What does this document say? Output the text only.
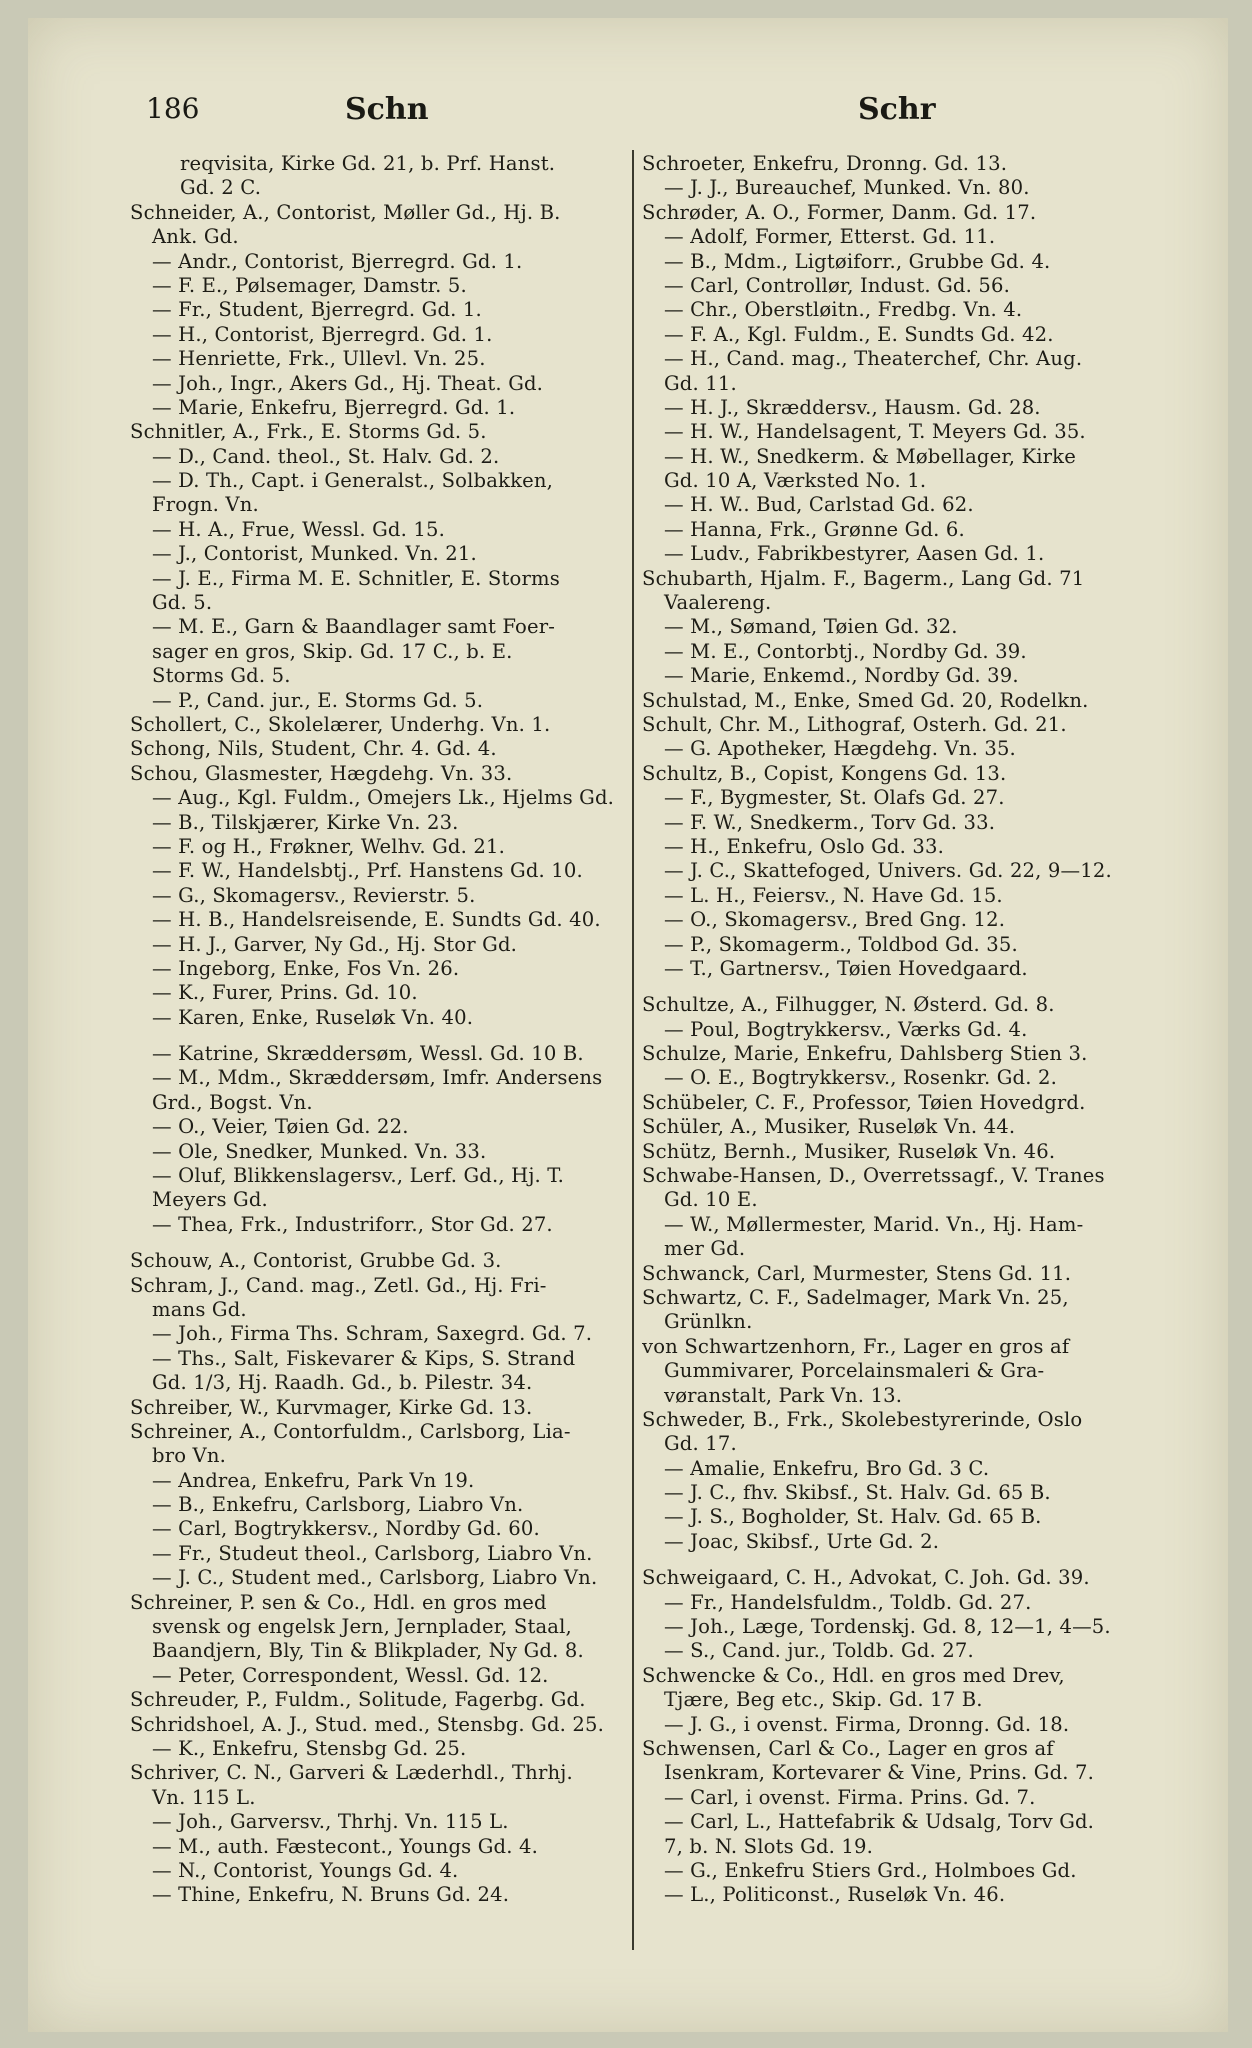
186	Schn	Schr
reqvisita, Kirke Gd. 21, b. Prf. Hanst.
Gd. 2 C.
Schneider, A., Contorist, Møller Gd., Hj. B.
Ank. Gd.
— Andr., Contorist, Bjerregrd. Gd. 1.
— F. E., Pølsemager, Damstr. 5.
— Fr., Student, Bjerregrd. Gd. 1.
— H., Contorist, Bjerregrd. Gd. 1.
— Henriette, Frk., Ullevl. Vn. 25.
— Joh., Ingr., Akers Gd., Hj. Theat. Gd.
— Marie, Enkefru, Bjerregrd. Gd. 1.
Schnitler, A., Frk., E. Storms Gd. 5.
— D., Cand. theol., St. Halv. Gd. 2.
— D. Th., Capt. i Generalst., Solbakken,
Frogn. Vn.
— H. A., Frue, Wessl. Gd. 15.
— J., Contorist, Munked. Vn. 21.
— J. E., Firma M. E. Schnitler, E. Storms
Gd. 5.
— M. E., Garn & Baandlager samt Foer-
sager en gros, Skip. Gd. 17 C., b. E.
Storms Gd. 5.
— P., Cand. jur., E. Storms Gd. 5.
Schollert, C., Skolelærer, Underhg. Vn. 1.
Schong, Nils, Student, Chr. 4. Gd. 4.
Schou, Glasmester, Hægdehg. Vn. 33.
— Aug., Kgl. Fuldm., Omejers Lk., Hjelms Gd.
— B., Tilskjærer, Kirke Vn. 23.
— F. og H., Frøkner, Welhv. Gd. 21.
— F. W., Handelsbtj., Prf. Hanstens Gd. 10.
— G., Skomagersv., Revierstr. 5.
— H. B., Handelsreisende, E. Sundts Gd. 40.
— H. J., Garver, Ny Gd., Hj. Stor Gd.
— Ingeborg, Enke, Fos Vn. 26.
— K., Furer, Prins. Gd. 10.
— Karen, Enke, Ruseløk Vn. 40.
— Katrine, Skræddersøm, Wessl. Gd. 10 B.
— M., Mdm., Skræddersøm, Imfr. Andersens
Grd., Bogst. Vn.
— O., Veier, Tøien Gd. 22.
— Ole, Snedker, Munked. Vn. 33.
— Oluf, Blikkenslagersv., Lerf. Gd., Hj. T.
Meyers Gd.
— Thea, Frk., Industriforr., Stor Gd. 27.
Schouw, A., Contorist, Grubbe Gd. 3.
Schram, J., Cand. mag., Zetl. Gd., Hj. Fri-
mans Gd.
— Joh., Firma Ths. Schram, Saxegrd. Gd. 7.
— Ths., Salt, Fiskevarer & Kips, S. Strand
Gd. 1/3, Hj. Raadh. Gd., b. Pilestr. 34.
Schreiber, W., Kurvmager, Kirke Gd. 13.
Schreiner, A., Contorfuldm., Carlsborg, Lia-
bro Vn.
— Andrea, Enkefru, Park Vn 19.
— B., Enkefru, Carlsborg, Liabro Vn.
— Carl, Bogtrykkersv., Nordby Gd. 60.
— Fr., Studeut theol., Carlsborg, Liabro Vn.
— J. C., Student med., Carlsborg, Liabro Vn.
Schreiner, P. sen & Co., Hdl. en gros med
svensk og engelsk Jern, Jernplader, Staal,
Baandjern, Bly, Tin & Blikplader, Ny Gd. 8.
— Peter, Correspondent, Wessl. Gd. 12.
Schreuder, P., Fuldm., Solitude, Fagerbg. Gd.
Schridshoel, A. J., Stud. med., Stensbg. Gd. 25.
— K., Enkefru, Stensbg Gd. 25.
Schriver, C. N., Garveri & Læderhdl., Thrhj.
Vn. 115 L.
— Joh., Garversv., Thrhj. Vn. 115 L.
— M., auth. Fæstecont., Youngs Gd. 4.
— N., Contorist, Youngs Gd. 4.
— Thine, Enkefru, N. Bruns Gd. 24.
Schroeter, Enkefru, Dronng. Gd. 13.
— J. J., Bureauchef, Munked. Vn. 80.
Schrøder, A. O., Former, Danm. Gd. 17.
— Adolf, Former, Etterst. Gd. 11.
— B., Mdm., Ligtøiforr., Grubbe Gd. 4.
— Carl, Controllør, Indust. Gd. 56.
— Chr., Oberstløitn., Fredbg. Vn. 4.
— F. A., Kgl. Fuldm., E. Sundts Gd. 42.
— H., Cand. mag., Theaterchef, Chr. Aug.
Gd. 11.
— H. J., Skræddersv., Hausm. Gd. 28.
— H. W., Handelsagent, T. Meyers Gd. 35.
— H. W., Snedkerm. & Møbellager, Kirke
Gd. 10 A, Værksted No. 1.
— H. W.. Bud, Carlstad Gd. 62.
— Hanna, Frk., Grønne Gd. 6.
— Ludv., Fabrikbestyrer, Aasen Gd. 1.
Schubarth, Hjalm. F., Bagerm., Lang Gd. 71
Vaalereng.
— M., Sømand, Tøien Gd. 32.
— M. E., Contorbtj., Nordby Gd. 39.
— Marie, Enkemd., Nordby Gd. 39.
Schulstad, M., Enke, Smed Gd. 20, Rodelkn.
Schult, Chr. M., Lithograf, Osterh. Gd. 21.
— G. Apotheker, Hægdehg. Vn. 35.
Schultz, B., Copist, Kongens Gd. 13.
— F., Bygmester, St. Olafs Gd. 27.
— F. W., Snedkerm., Torv Gd. 33.
— H., Enkefru, Oslo Gd. 33.
— J. C., Skattefoged, Univers. Gd. 22, 9—12.
— L. H., Feiersv., N. Have Gd. 15.
— O., Skomagersv., Bred Gng. 12.
— P., Skomagerm., Toldbod Gd. 35.
— T., Gartnersv., Tøien Hovedgaard.
Schultze, A., Filhugger, N. Østerd. Gd. 8.
— Poul, Bogtrykkersv., Værks Gd. 4.
Schulze, Marie, Enkefru, Dahlsberg Stien 3.
— O. E., Bogtrykkersv., Rosenkr. Gd. 2.
Schübeler, C. F., Professor, Tøien Hovedgrd.
Schüler, A., Musiker, Ruseløk Vn. 44.
Schütz, Bernh., Musiker, Ruseløk Vn. 46.
Schwabe-Hansen, D., Overretssagf., V. Tranes
Gd. 10 E.
— W., Møllermester, Marid. Vn., Hj. Ham-
mer Gd.
Schwanck, Carl, Murmester, Stens Gd. 11.
Schwartz, C. F., Sadelmager, Mark Vn. 25,
Grünlkn.
von Schwartzenhorn, Fr., Lager en gros af
Gummivarer, Porcelainsmaleri & Gra-
vøranstalt, Park Vn. 13.
Schweder, B., Frk., Skolebestyrerinde, Oslo
Gd. 17.
— Amalie, Enkefru, Bro Gd. 3 C.
— J. C., fhv. Skibsf., St. Halv. Gd. 65 B.
— J. S., Bogholder, St. Halv. Gd. 65 B.
— Joac, Skibsf., Urte Gd. 2.
Schweigaard, C. H., Advokat, C. Joh. Gd. 39.
— Fr., Handelsfuldm., Toldb. Gd. 27.
— Joh., Læge, Tordenskj. Gd. 8, 12—1, 4—5.
— S., Cand. jur., Toldb. Gd. 27.
Schwencke & Co., Hdl. en gros med Drev,
Tjære, Beg etc., Skip. Gd. 17 B.
— J. G., i ovenst. Firma, Dronng. Gd. 18.
Schwensen, Carl & Co., Lager en gros af
Isenkram, Kortevarer & Vine, Prins. Gd. 7.
— Carl, i ovenst. Firma. Prins. Gd. 7.
— Carl, L., Hattefabrik & Udsalg, Torv Gd.
7, b. N. Slots Gd. 19.
— G., Enkefru Stiers Grd., Holmboes Gd.
— L., Politiconst., Ruseløk Vn. 46.
